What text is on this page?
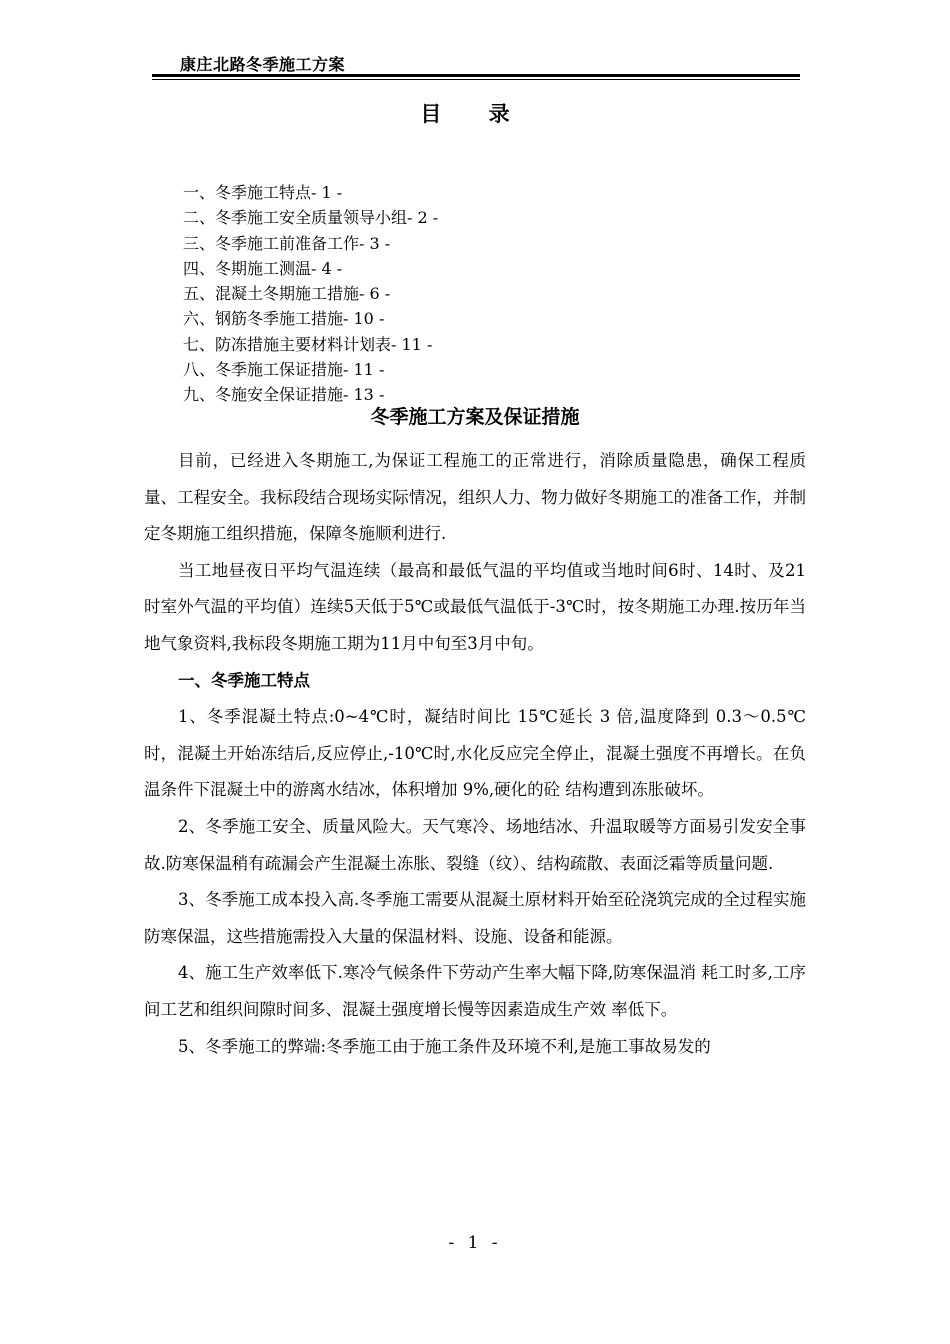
康庄北路冬季施工方案
目 录
一、冬季施工特点- 1 -
二、冬季施工安全质量领导小组- 2 -
三、冬季施工前准备工作- 3 -
四、冬期施工测温- 4 -
五、混凝土冬期施工措施- 6 -
六、钢筋冬季施工措施- 10 -
七、防冻措施主要材料计划表- 11 -
八、冬季施工保证措施- 11 -
九、冬施安全保证措施- 13 -
冬季施工方案及保证措施

目前，已经进入冬期施工,为保证工程施工的正常进行，消除质量隐患，确保工程质量、工程安全。我标段结合现场实际情况，组织人力、物力做好冬期施工的准备工作，并制定冬期施工组织措施，保障冬施顺利进行.

当工地昼夜日平均气温连续（最高和最低气温的平均值或当地时间6时、14时、及21时室外气温的平均值）连续5天低于5℃或最低气温低于-3℃时，按冬期施工办理.按历年当地气象资料,我标段冬期施工期为11月中旬至3月中旬。

一、冬季施工特点

1、冬季混凝土特点:0~4℃时，凝结时间比 15℃延长 3 倍,温度降到 0.3～0.5℃时，混凝土开始冻结后,反应停止,-10℃时,水化反应完全停止，混凝土强度不再增长。在负温条件下混凝土中的游离水结冰，体积增加 9%,硬化的砼 结构遭到冻胀破坏。

2、冬季施工安全、质量风险大。天气寒冷、场地结冰、升温取暖等方面易引发安全事故.防寒保温稍有疏漏会产生混凝土冻胀、裂缝（纹）、结构疏散、表面泛霜等质量问题.

3、冬季施工成本投入高.冬季施工需要从混凝土原材料开始至砼浇筑完成的全过程实施防寒保温，这些措施需投入大量的保温材料、设施、设备和能源。

4、施工生产效率低下.寒冷气候条件下劳动产生率大幅下降,防寒保温消 耗工时多,工序间工艺和组织间隙时间多、混凝土强度增长慢等因素造成生产效 率低下。

5、冬季施工的弊端:冬季施工由于施工条件及环境不利,是施工事故易发的

- 1 -
